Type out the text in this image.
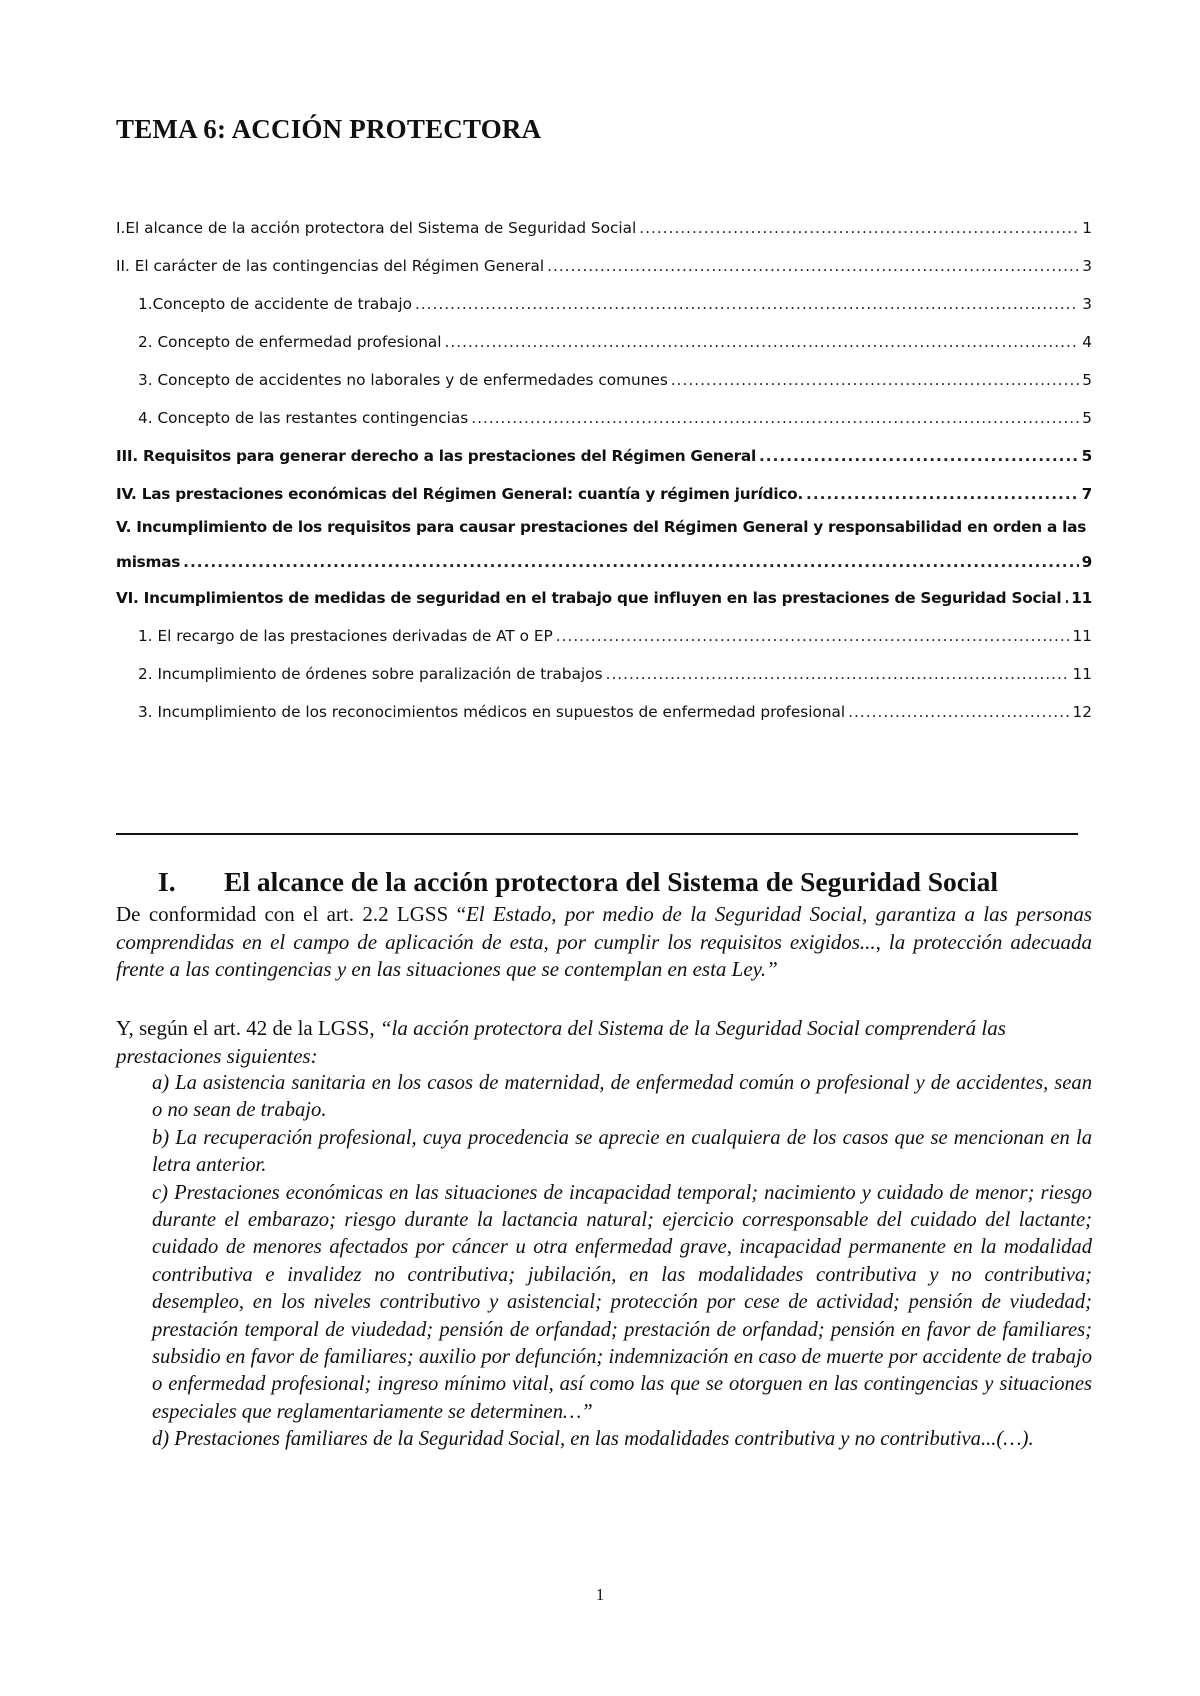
TEMA 6: ACCIÓN PROTECTORA
I. El alcance de la acción protectora del Sistema de Seguridad Social .....	1
II. El carácter de las contingencias del Régimen General .....	3
1. Concepto de accidente de trabajo .....	3
2. Concepto de enfermedad profesional .....	4
3. Concepto de accidentes no laborales y de enfermedades comunes .....	5
4. Concepto de las restantes contingencias .....	5
III. Requisitos para generar derecho a las prestaciones del Régimen General .....	5
IV. Las prestaciones económicas del Régimen General: cuantía y régimen jurídico. .....	7
V. Incumplimiento de los requisitos para causar prestaciones del Régimen General y responsabilidad en orden a las
mismas .....	9
VI. Incumplimientos de medidas de seguridad en el trabajo que influyen en las prestaciones de Seguridad Social ..... 11
1. El recargo de las prestaciones derivadas de AT o EP .....	11
2. Incumplimiento de órdenes sobre paralización de trabajos .....	11
3. Incumplimiento de los reconocimientos médicos en supuestos de enfermedad profesional .....	12
I. El alcance de la acción protectora del Sistema de Seguridad Social

De conformidad con el art. 2.2 LGSS “El Estado, por medio de la Seguridad Social, garantiza a las personas comprendidas en el campo de aplicación de esta, por cumplir los requisitos exigidos..., la protección adecuada frente a las contingencias y en las situaciones que se contemplan en esta Ley.”

Y, según el art. 42 de la LGSS, “la acción protectora del Sistema de la Seguridad Social comprenderá las prestaciones siguientes:

a) La asistencia sanitaria en los casos de maternidad, de enfermedad común o profesional y de accidentes, sean o no sean de trabajo.
b) La recuperación profesional, cuya procedencia se aprecie en cualquiera de los casos que se mencionan en la letra anterior.
c) Prestaciones económicas en las situaciones de incapacidad temporal; nacimiento y cuidado de menor; riesgo durante el embarazo; riesgo durante la lactancia natural; ejercicio corresponsable del cuidado del lactante; cuidado de menores afectados por cáncer u otra enfermedad grave, incapacidad permanente en la modalidad contributiva e invalidez no contributiva; jubilación, en las modalidades contributiva y no contributiva; desempleo, en los niveles contributivo y asistencial; protección por cese de actividad; pensión de viudedad; prestación temporal de viudedad; pensión de orfandad; prestación de orfandad; pensión en favor de familiares; subsidio en favor de familiares; auxilio por defunción; indemnización en caso de muerte por accidente de trabajo o enfermedad profesional; ingreso mínimo vital, así como las que se otorguen en las contingencias y situaciones especiales que reglamentariamente se determinen…”
d) Prestaciones familiares de la Seguridad Social, en las modalidades contributiva y no contributiva...(…).
1
